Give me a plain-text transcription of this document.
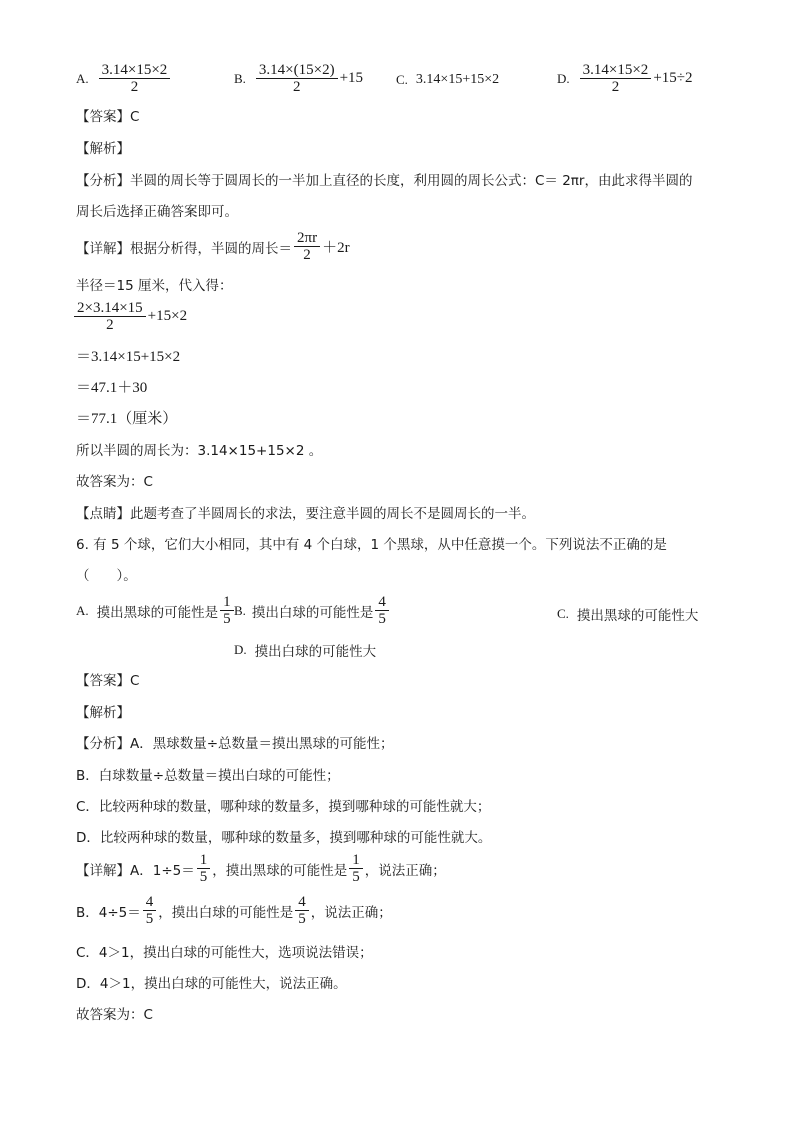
A. $\frac{3.14\times 15\times 2}{2}$	B. $\frac{3.14\times(15\times 2)}{2} +15$	C. 3.14×15+15×2	D. $\frac{3.14\times 15\times 2}{2} +15\div 2$
【答案】C
【解析】
【分析】半圆的周长等于圆周长的一半加上直径的长度，利用圆的周长公式：C＝ 2πr，由此求得半圆的
周长后选择正确答案即可。
【详解】根据分析得，半圆的周长＝ $\frac{2\pi r}{2} +2r$
半径＝15 厘米，代入得：
$\frac{2\times 3.14\times 15}{2} +15\times 2$
＝3.14×15+15×2
＝47.1＋30
＝77.1（厘米）
所以半圆的周长为：3.14×15+15×2 。
故答案为：C
【点睛】此题考查了半圆周长的求法，要注意半圆的周长不是圆周长的一半。
6. 有 5 个球，它们大小相同，其中有 4 个白球，1 个黑球，从中任意摸一个。下列说法不正确的是
（　　）。
A. 摸出黑球的可能性是 $\frac{1}{5} B$. 摸出白球的可能性是 $\frac{4}{5}$	C. 摸出黑球的可能性大
D. 摸出白球的可能性大
【答案】C
【解析】
【分析】A．黑球数量÷总数量＝摸出黑球的可能性；
B．白球数量÷总数量＝摸出白球的可能性；
C．比较两种球的数量，哪种球的数量多，摸到哪种球的可能性就大；
D．比较两种球的数量，哪种球的数量多，摸到哪种球的可能性就大。
【详解】A．$1\div 5= \frac{1}{5}$ ，摸出黑球的可能性是 $\frac{1}{5}$ ，说法正确；
B．$4\div 5= \frac{4}{5}$ ，摸出白球的可能性是 $\frac{4}{5}$ ，说法正确；
C．4＞1，摸出白球的可能性大，选项说法错误；
D．4＞1，摸出白球的可能性大，说法正确。
故答案为：C
